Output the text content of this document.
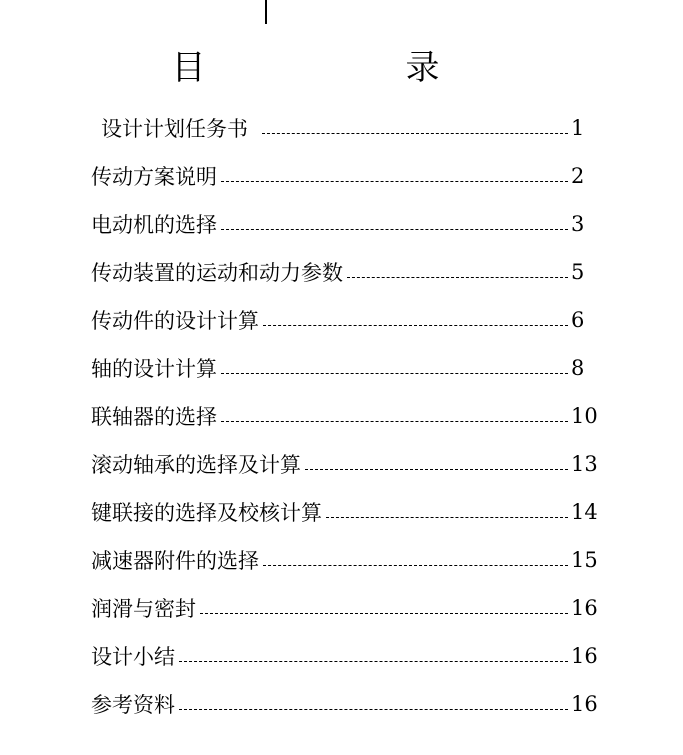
目　　录
设计计划任务书	1
传动方案说明	2
电动机的选择	3
传动装置的运动和动力参数	5
传动件的设计计算	6
轴的设计计算	8
联轴器的选择	10
滚动轴承的选择及计算	13
键联接的选择及校核计算	14
减速器附件的选择	15
润滑与密封	16
设计小结	16
参考资料	16
